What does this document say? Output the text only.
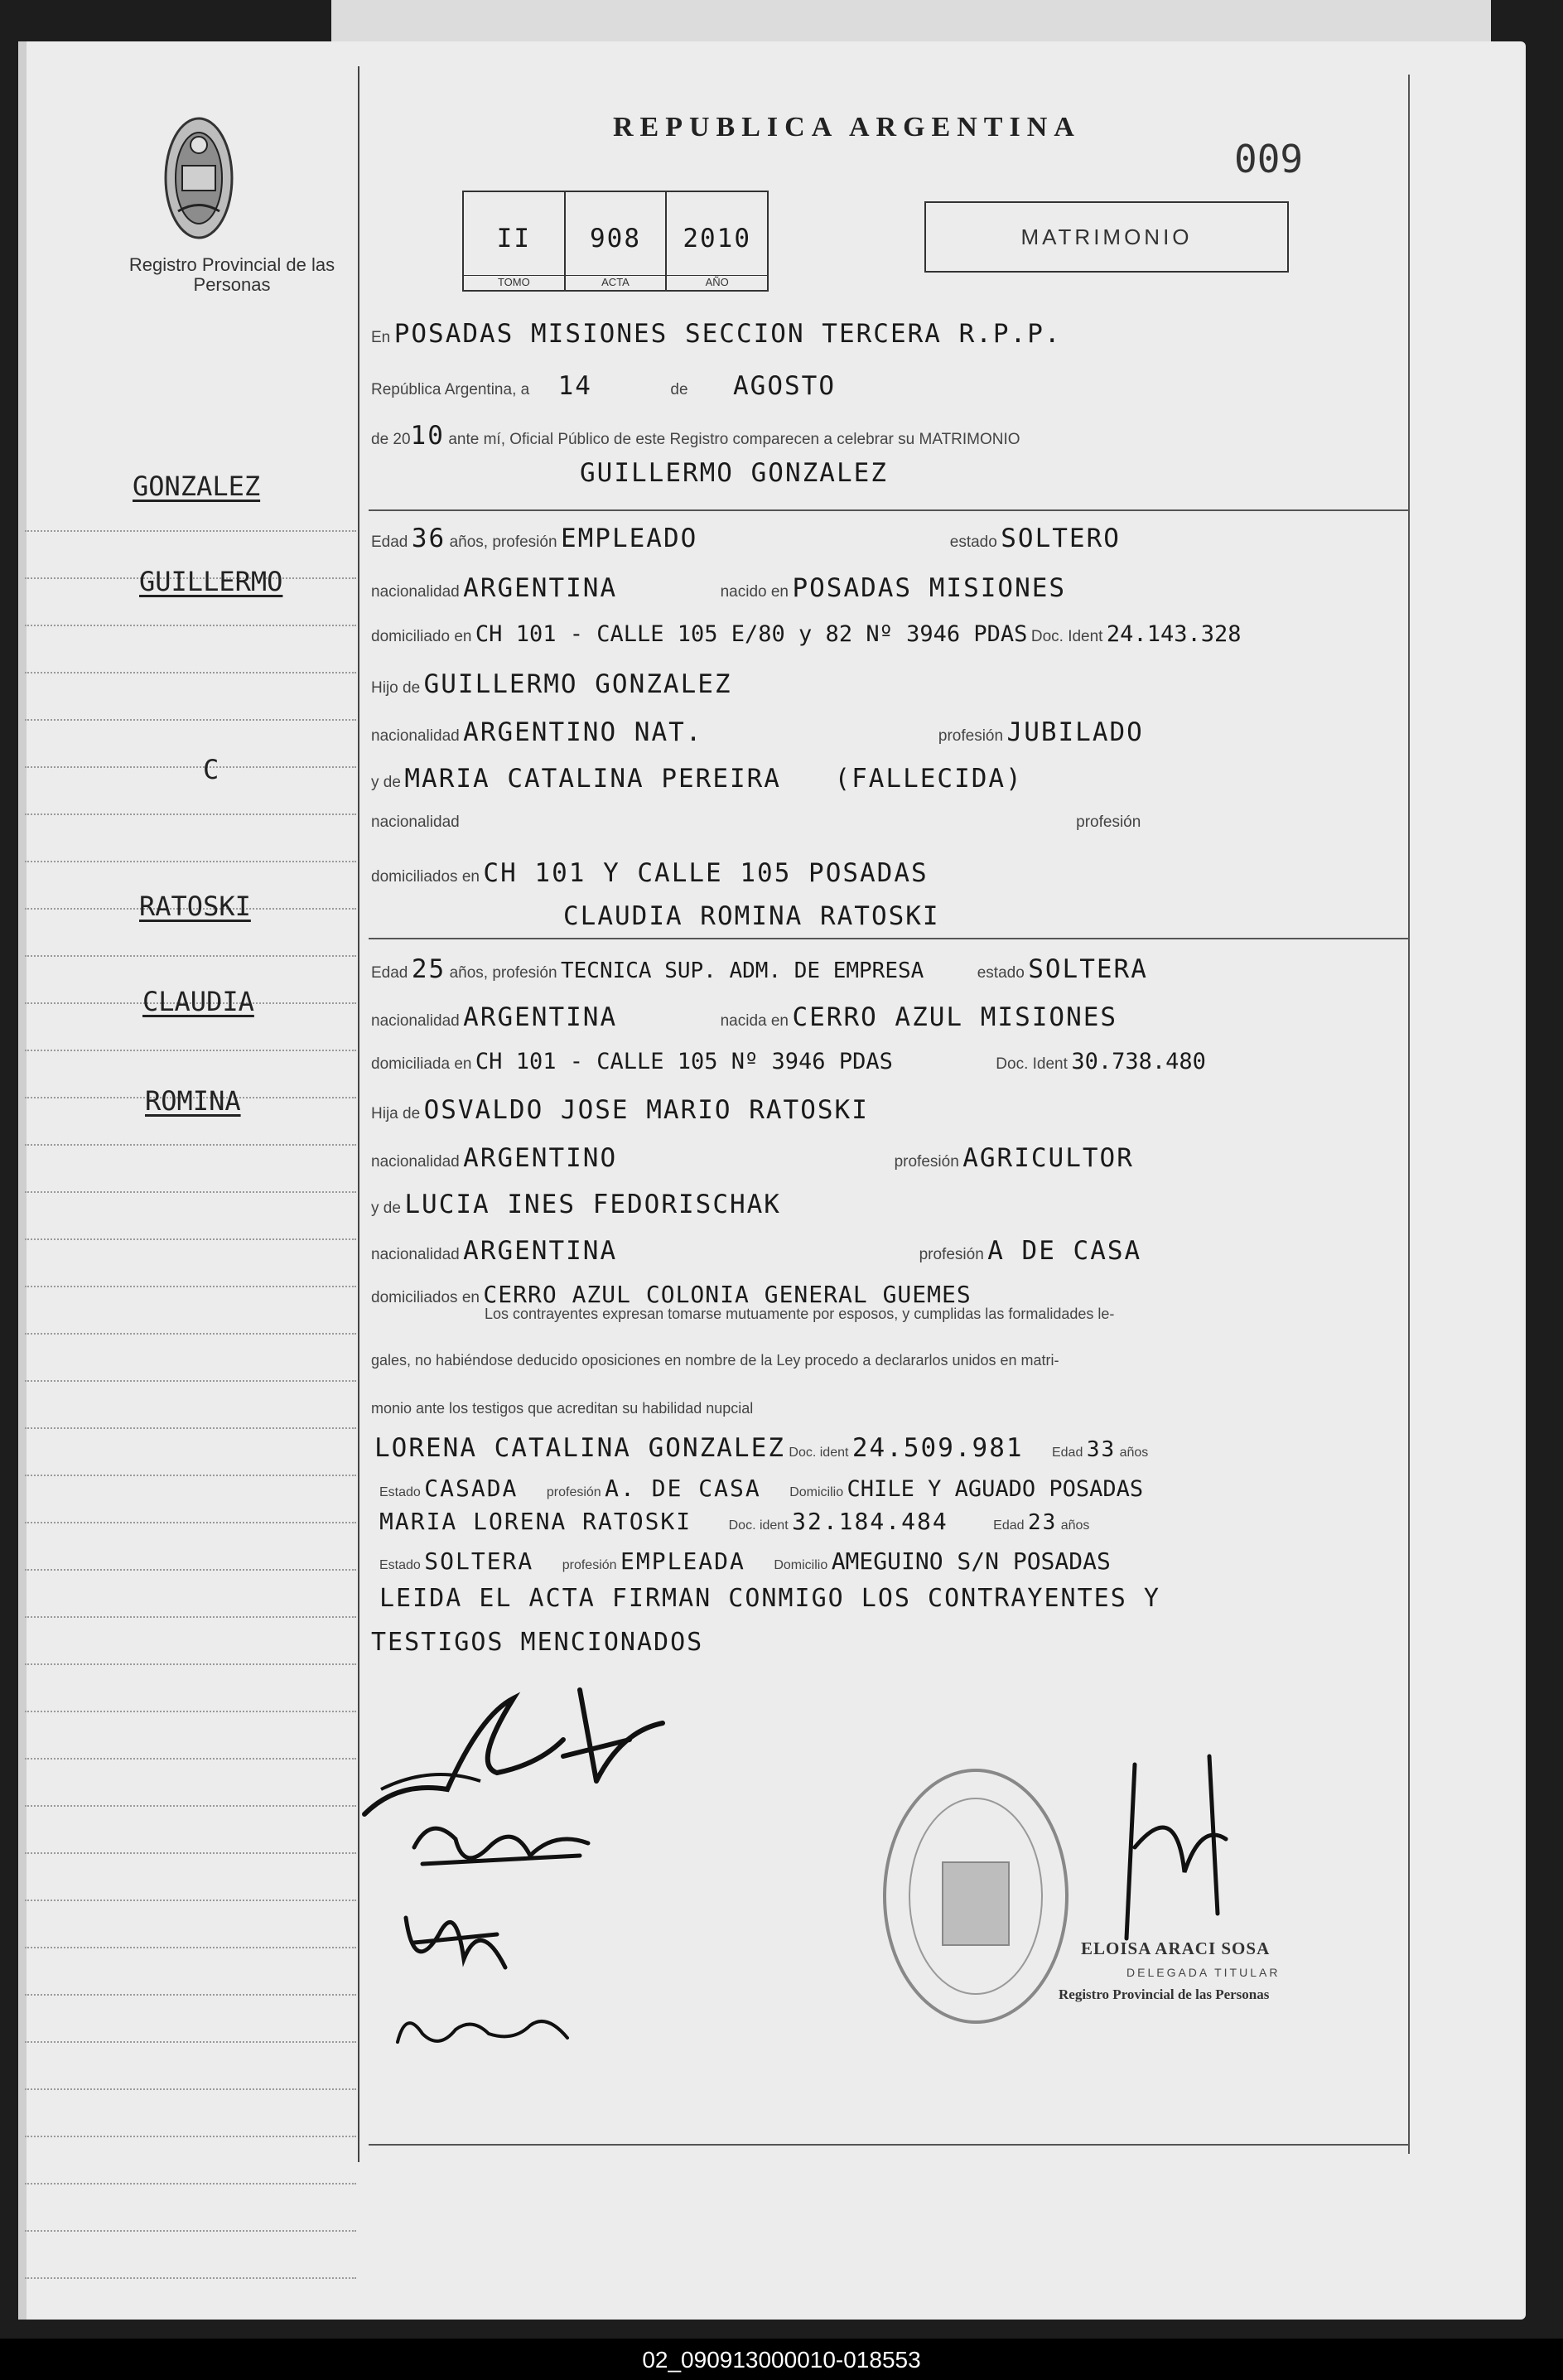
Registro Provincial de las Personas
REPUBLICA ARGENTINA
009
II
TOMO
908
ACTA
2010
AÑO
MATRIMONIO
GONZALEZ
GUILLERMO
C
RATOSKI
CLAUDIA
ROMINA
En POSADAS MISIONES SECCION TERCERA R.P.P.
República Argentina, a 14	de AGOSTO
de 2010 ante mí, Oficial Público de este Registro comparecen a celebrar su MATRIMONIO
GUILLERMO GONZALEZ
Edad 36 años, profesión EMPLEADO	estado SOLTERO
nacionalidad ARGENTINA	nacido en POSADAS MISIONES
domiciliado en CH 101 - CALLE 105 E/80 y 82 Nº 3946 PDAS Doc. Ident 24.143.328
Hijo de GUILLERMO GONZALEZ
nacionalidad ARGENTINO NAT.	profesión JUBILADO
y de MARIA CATALINA PEREIRA (FALLECIDA)
nacionalidad	profesión
domiciliados en CH 101 Y CALLE 105 POSADAS
CLAUDIA ROMINA RATOSKI
Edad 25 años, profesión TECNICA SUP. ADM. DE EMPRESA	estado SOLTERA
nacionalidad ARGENTINA	nacida en CERRO AZUL MISIONES
domiciliada en CH 101 - CALLE 105 Nº 3946 PDAS	Doc. Ident 30.738.480
Hija de OSVALDO JOSE MARIO RATOSKI
nacionalidad ARGENTINO	profesión AGRICULTOR
y de LUCIA INES FEDORISCHAK
nacionalidad ARGENTINA	profesión A DE CASA
domiciliados en CERRO AZUL COLONIA GENERAL GUEMES
Los contrayentes expresan tomarse mutuamente por esposos, y cumplidas las formalidades le-
gales, no habiéndose deducido oposiciones en nombre de la Ley procedo a declararlos unidos en matri-
monio ante los testigos que acreditan su habilidad nupcial
LORENA CATALINA GONZALEZ Doc. ident 24.509.981 Edad 33 años
Estado CASADA profesión A. DE CASA Domicilio CHILE Y AGUADO POSADAS
MARIA LORENA RATOSKI	Doc. ident 32.184.484	Edad 23 años
Estado SOLTERA profesión EMPLEADA Domicilio AMEGUINO S/N POSADAS
LEIDA EL ACTA FIRMAN CONMIGO LOS CONTRAYENTES Y
TESTIGOS MENCIONADOS
ELOISA ARACI SOSA
DELEGADA TITULAR
Registro Provincial de las Personas
02_090913000010-018553
